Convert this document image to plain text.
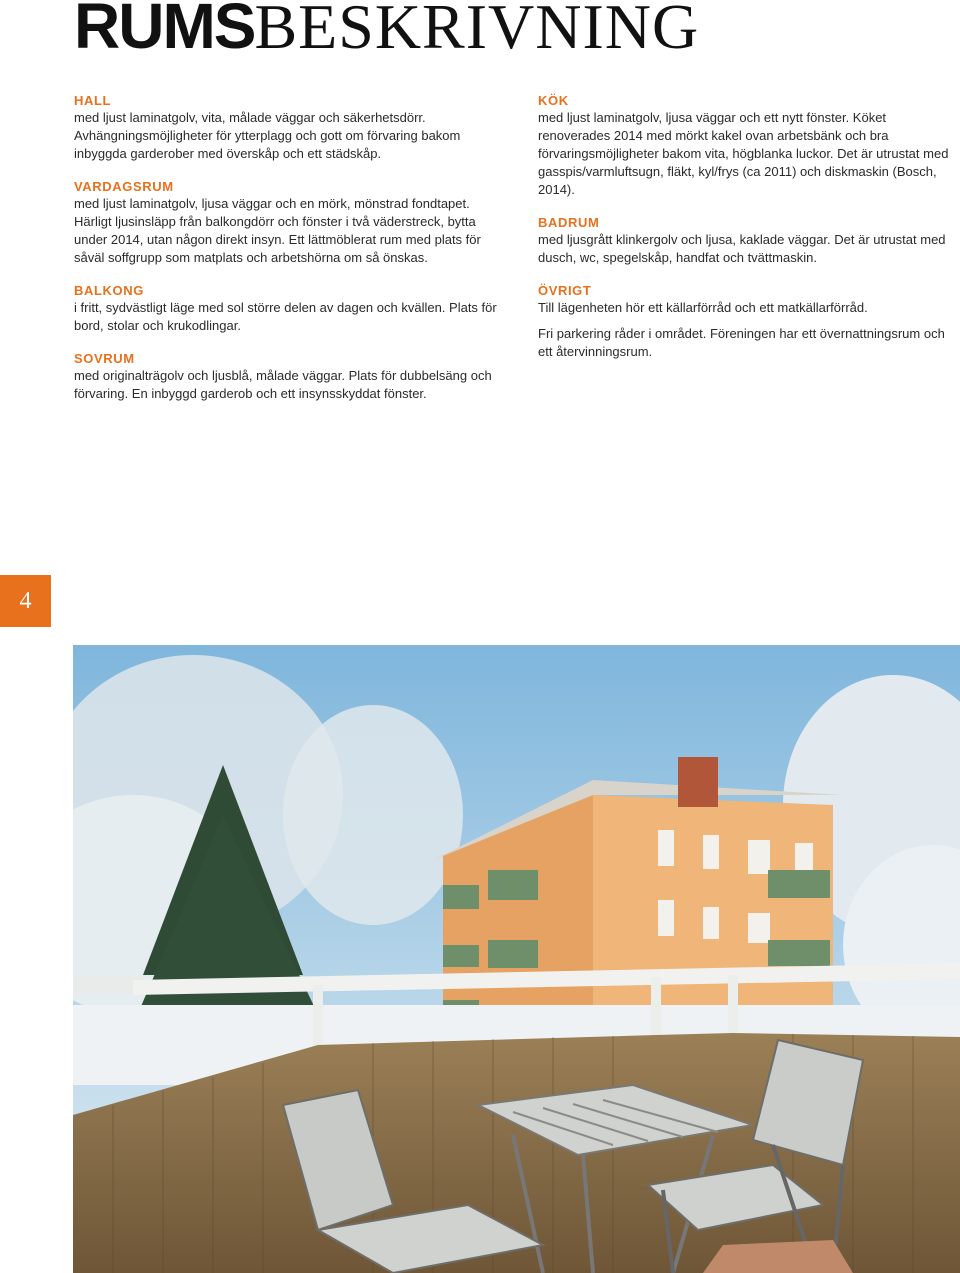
RUMSBESKRIVNING

HALL

med ljust laminatgolv, vita, målade väggar och säkerhetsdörr. Avhängningsmöjligheter för ytterplagg och gott om förvaring bakom inbyggda garderober med överskåp och ett städskåp.

VARDAGSRUM

med ljust laminatgolv, ljusa väggar och en mörk, mönstrad fondtapet. Härligt ljusinsläpp från balkongdörr och fönster i två väderstreck, bytta under 2014, utan någon direkt insyn. Ett lättmöblerat rum med plats för såväl soffgrupp som matplats och arbetshörna om så önskas.

BALKONG

i fritt, sydvästligt läge med sol större delen av dagen och kvällen. Plats för bord, stolar och krukodlingar.

SOVRUM

med originalträgolv och ljusblå, målade väggar. Plats för dubbelsäng och förvaring. En inbyggd garderob och ett insynsskyddat fönster.

KÖK

med ljust laminatgolv, ljusa väggar och ett nytt fönster. Köket renoverades 2014 med mörkt kakel ovan arbetsbänk och bra förvaringsmöjligheter bakom vita, högblanka luckor. Det är utrustat med gasspis/varmluftsugn, fläkt, kyl/frys (ca 2011) och diskmaskin (Bosch, 2014).

BADRUM

med ljusgrått klinkergolv och ljusa, kaklade väggar. Det är utrustat med dusch, wc, spegelskåp, handfat och tvättmaskin.

ÖVRIGT

Till lägenheten hör ett källarförråd och ett matkällarförråd.

Fri parkering råder i området. Föreningen har ett övernattningsrum och ett återvinningsrum.

4
